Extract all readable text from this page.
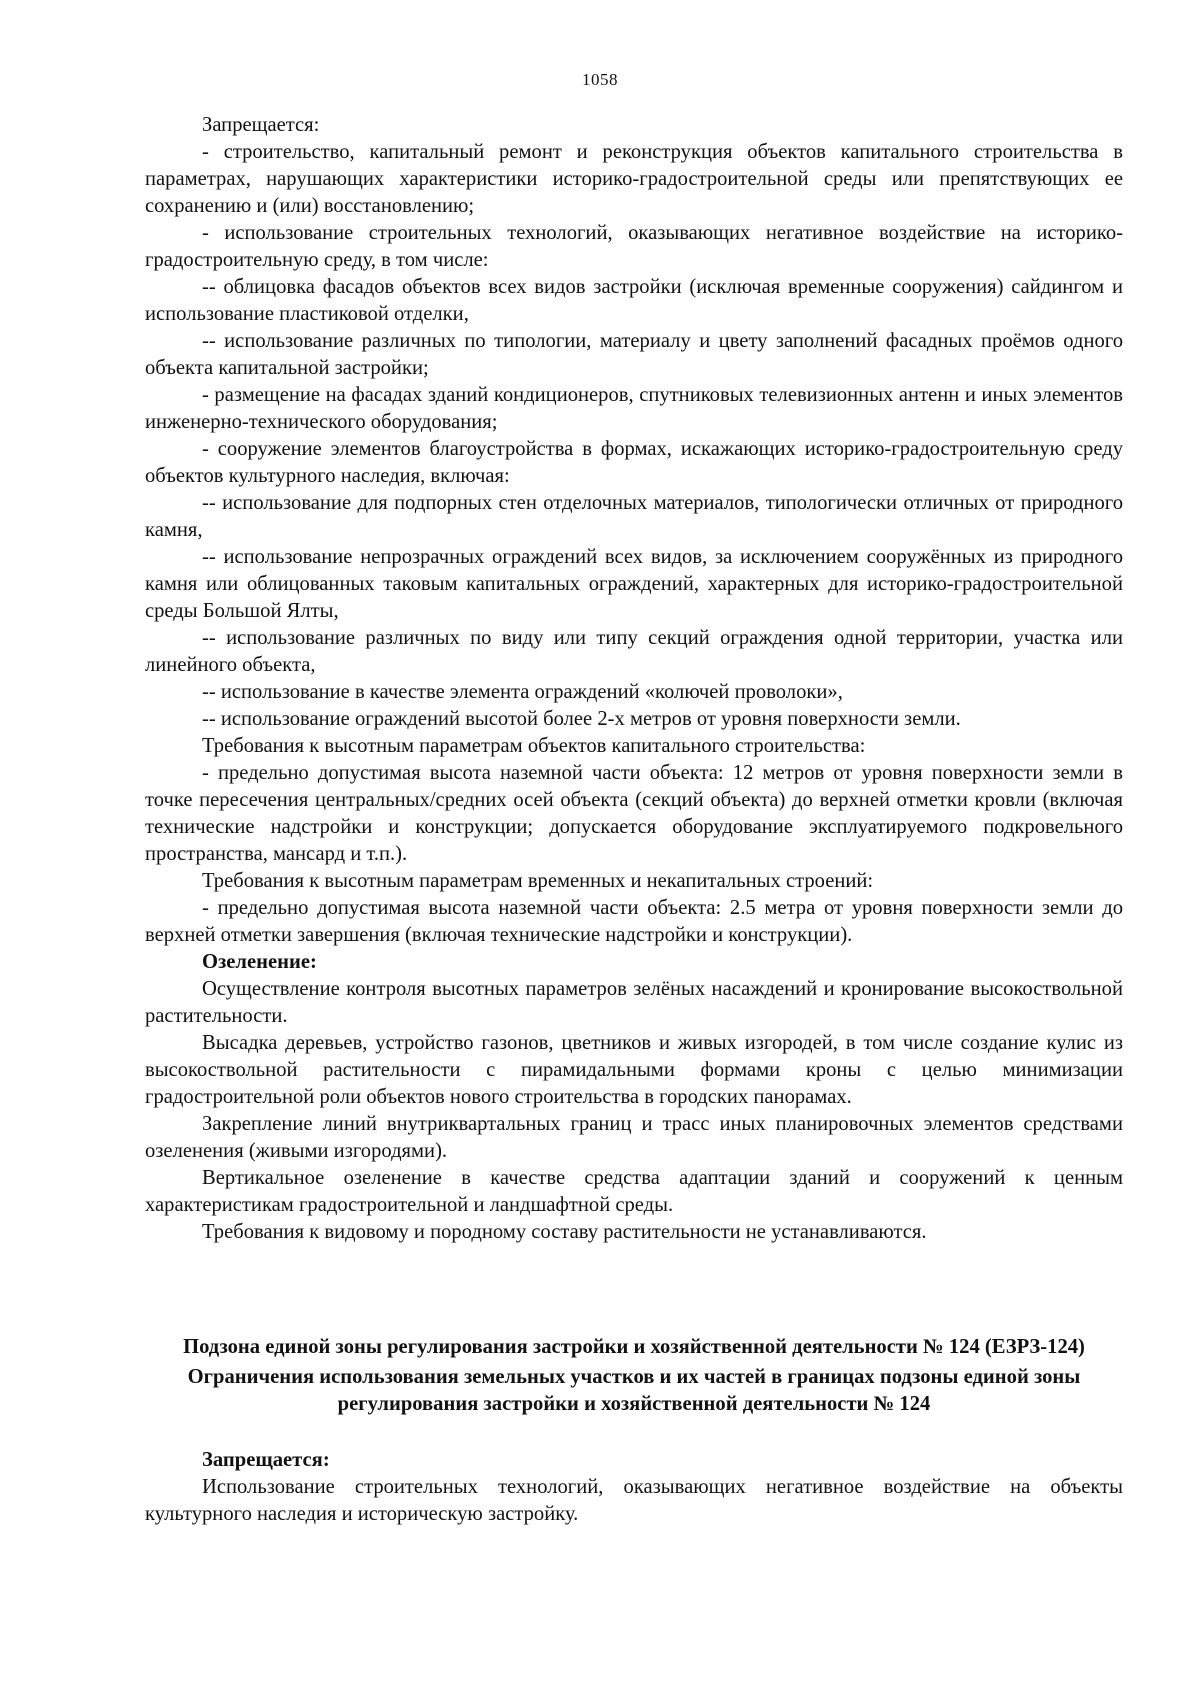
1058

Запрещается:

- строительство, капитальный ремонт и реконструкция объектов капитального строительства в параметрах, нарушающих характеристики историко-градостроительной среды или препятствующих ее сохранению и (или) восстановлению;

- использование строительных технологий, оказывающих негативное воздействие на историко-градостроительную среду, в том числе:

-- облицовка фасадов объектов всех видов застройки (исключая временные сооружения) сайдингом и использование пластиковой отделки,

-- использование различных по типологии, материалу и цвету заполнений фасадных проёмов одного объекта капитальной застройки;

- размещение на фасадах зданий кондиционеров, спутниковых телевизионных антенн и иных элементов инженерно-технического оборудования;

- сооружение элементов благоустройства в формах, искажающих историко-градостроительную среду объектов культурного наследия, включая:

-- использование для подпорных стен отделочных материалов, типологически отличных от природного камня,

-- использование непрозрачных ограждений всех видов, за исключением сооружённых из природного камня или облицованных таковым капитальных ограждений, характерных для историко-градостроительной среды Большой Ялты,

-- использование различных по виду или типу секций ограждения одной территории, участка или линейного объекта,

-- использование в качестве элемента ограждений «колючей проволоки»,

-- использование ограждений высотой более 2-х метров от уровня поверхности земли.

Требования к высотным параметрам объектов капитального строительства:

- предельно допустимая высота наземной части объекта: 12 метров от уровня поверхности земли в точке пересечения центральных/средних осей объекта (секций объекта) до верхней отметки кровли (включая технические надстройки и конструкции; допускается оборудование эксплуатируемого подкровельного пространства, мансард и т.п.).

Требования к высотным параметрам временных и некапитальных строений:

- предельно допустимая высота наземной части объекта: 2.5 метра от уровня поверхности земли до верхней отметки завершения (включая технические надстройки и конструкции).

Озеленение:

Осуществление контроля высотных параметров зелёных насаждений и кронирование высокоствольной растительности.

Высадка деревьев, устройство газонов, цветников и живых изгородей, в том числе создание кулис из высокоствольной растительности с пирамидальными формами кроны с целью минимизации градостроительной роли объектов нового строительства в городских панорамах.

Закрепление линий внутриквартальных границ и трасс иных планировочных элементов средствами озеленения (живыми изгородями).

Вертикальное озеленение в качестве средства адаптации зданий и сооружений к ценным характеристикам градостроительной и ландшафтной среды.

Требования к видовому и породному составу растительности не устанавливаются.

Подзона единой зоны регулирования застройки и хозяйственной деятельности № 124 (ЕЗРЗ-124)

Ограничения использования земельных участков и их частей в границах подзоны единой зоны регулирования застройки и хозяйственной деятельности № 124

Запрещается:

Использование строительных технологий, оказывающих негативное воздействие на объекты культурного наследия и историческую застройку.
